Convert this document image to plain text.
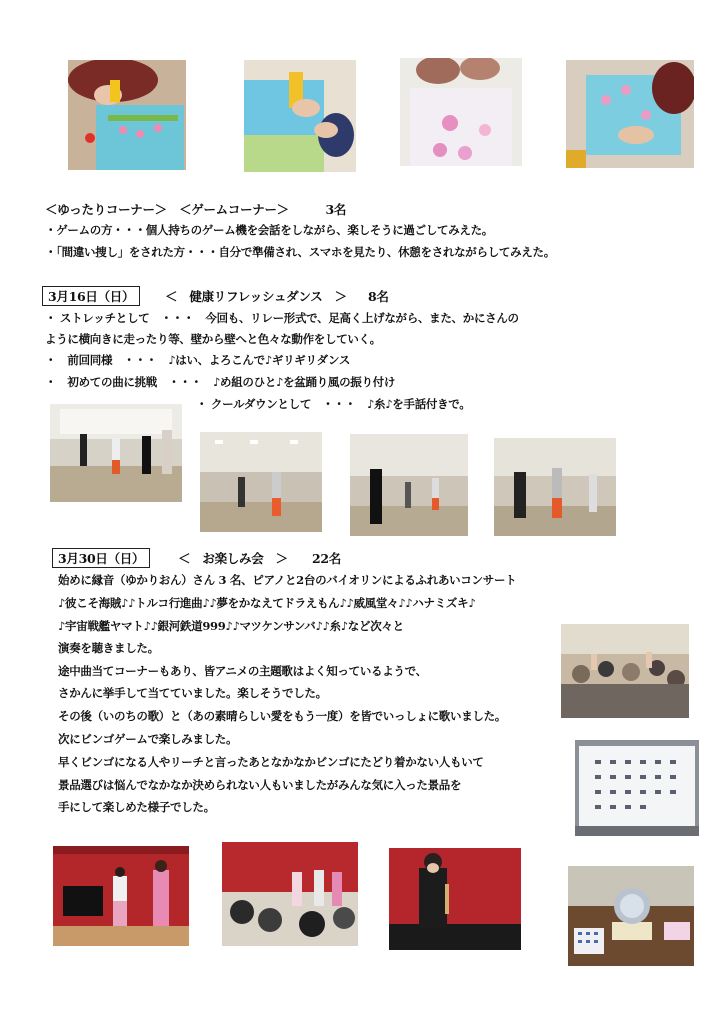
＜ゆったりコーナー＞　＜ゲームコーナー＞　　　3名
・ゲームの方・・・個人持ちのゲーム機を会話をしながら、楽しそうに過ごしてみえた。
・「間違い捜し」をされた方・・・自分で準備され、スマホを見たり、休憩をされながらしてみえた。
3月16日（日）	＜　健康リフレッシュダンス　＞ 8名
・ ストレッチとして　・・・　今回も、リレー形式で、足高く上げながら、また、かにさんの
ように横向きに走ったり等、壁から壁へと色々な動作をしていく。
・　前回同様　・・・　♪はい、よろこんで♪ギリギリダンス
・　初めての曲に挑戦　・・・　♪め組のひと♪を盆踊り風の振り付け
・ クールダウンとして　・・・　♪糸♪を手話付きで。
3月30日（日）	＜　お楽しみ会　＞ 22名
始めに縁音（ゆかりおん）さん 3 名、ピアノと2台のバイオリンによるふれあいコンサート
♪彼こそ海賊♪♪トルコ行進曲♪♪夢をかなえてドラえもん♪♪威風堂々♪♪ハナミズキ♪
♪宇宙戦艦ヤマト♪♪銀河鉄道999♪♪マツケンサンバ♪♪糸♪など次々と
演奏を聴きました。
途中曲当てコーナーもあり、皆アニメの主題歌はよく知っているようで、
さかんに挙手して当てていました。楽しそうでした。
その後（いのちの歌）と（あの素晴らしい愛をもう一度）を皆でいっしょに歌いました。
次にビンゴゲームで楽しみました。
早くビンゴになる人やリーチと言ったあとなかなかビンゴにたどり着かない人もいて
景品選びは悩んでなかなか決められない人もいましたがみんな気に入った景品を
手にして楽しめた様子でした。
